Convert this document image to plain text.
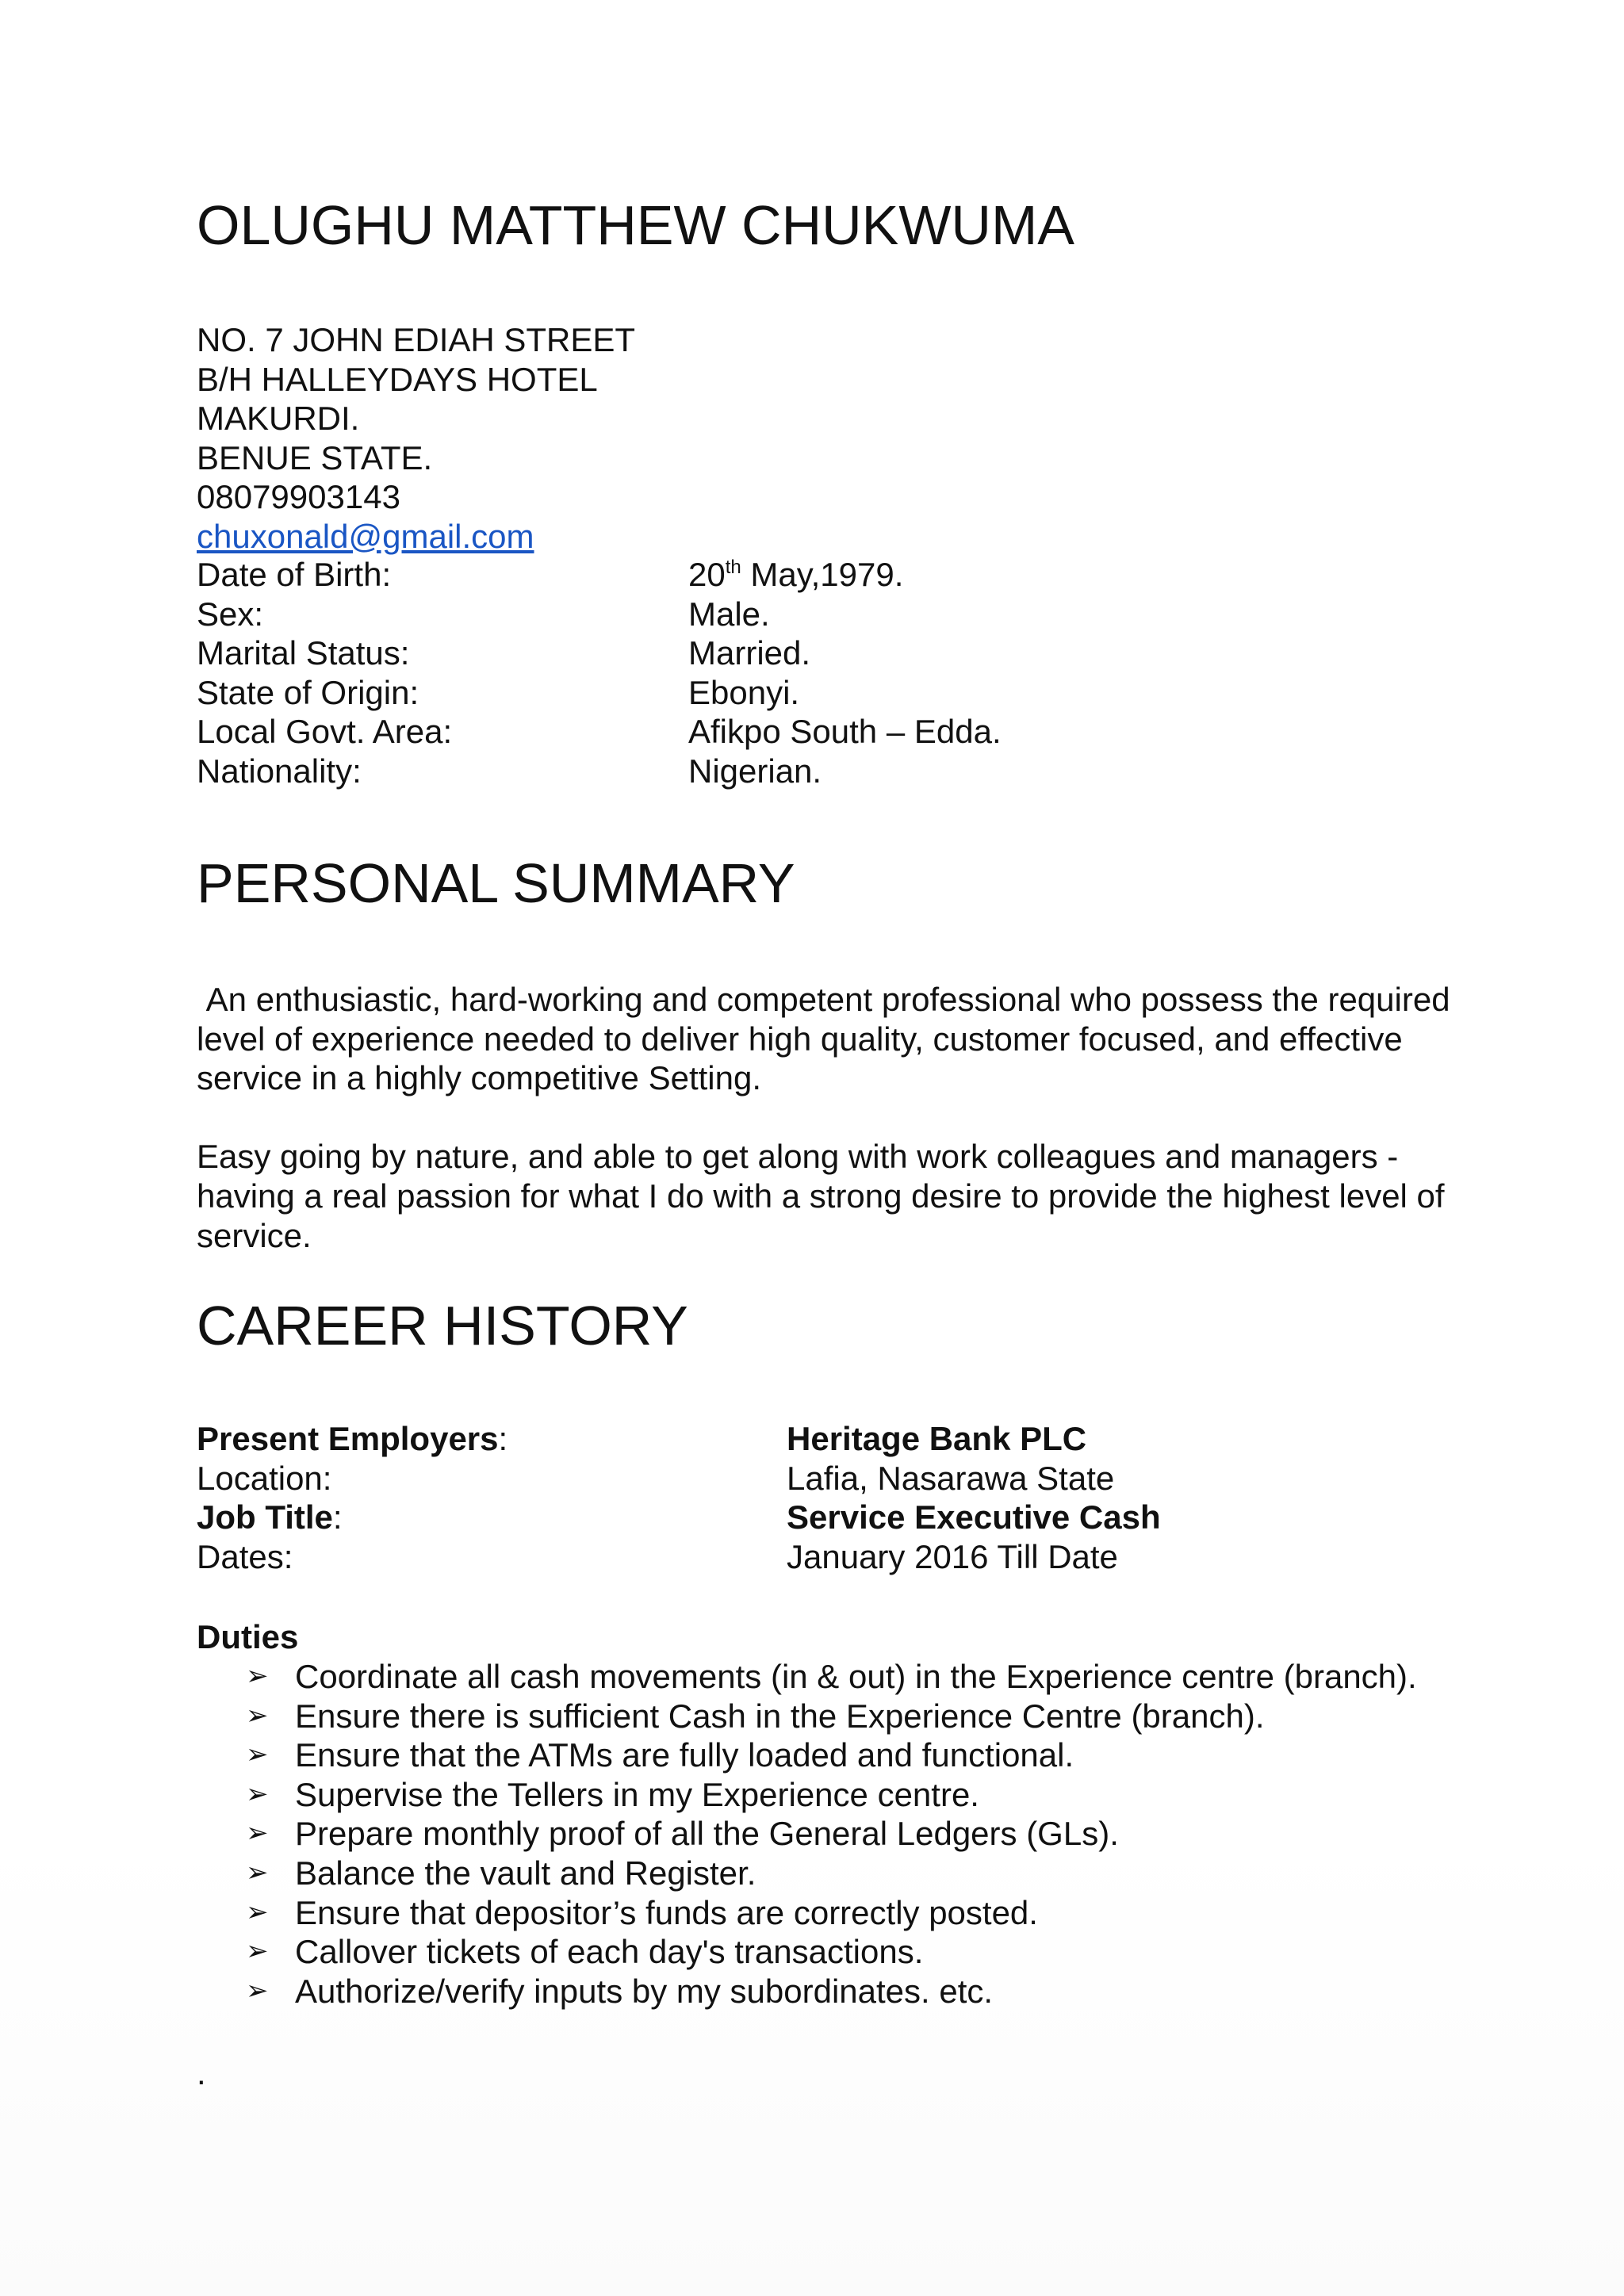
OLUGHU MATTHEW CHUKWUMA
NO. 7 JOHN EDIAH STREET
B/H HALLEYDAYS HOTEL
MAKURDI.
BENUE STATE.
08079903143
chuxonald@gmail.com
Date of Birth:	20th May,1979.
Sex:	Male.
Marital Status:	Married.
State of Origin:	Ebonyi.
Local Govt. Area:	Afikpo South – Edda.
Nationality:	Nigerian.
PERSONAL SUMMARY

An enthusiastic, hard-working and competent professional who possess the required level of experience needed to deliver high quality, customer focused, and effective service in a highly competitive Setting.

Easy going by nature, and able to get along with work colleagues and managers - having a real passion for what I do with a strong desire to provide the highest level of service.

CAREER HISTORY
Present Employers:	Heritage Bank PLC
Location:	Lafia, Nasarawa State
Job Title:	Service Executive Cash
Dates:	January 2016 Till Date
Duties
➢ Coordinate all cash movements (in & out) in the Experience centre (branch).
➢ Ensure there is sufficient Cash in the Experience Centre (branch).
➢ Ensure that the ATMs are fully loaded and functional.
➢ Supervise the Tellers in my Experience centre.
➢ Prepare monthly proof of all the General Ledgers (GLs).
➢ Balance the vault and Register.
➢ Ensure that depositor’s funds are correctly posted.
➢ Callover tickets of each day's transactions.
➢ Authorize/verify inputs by my subordinates. etc.
.
